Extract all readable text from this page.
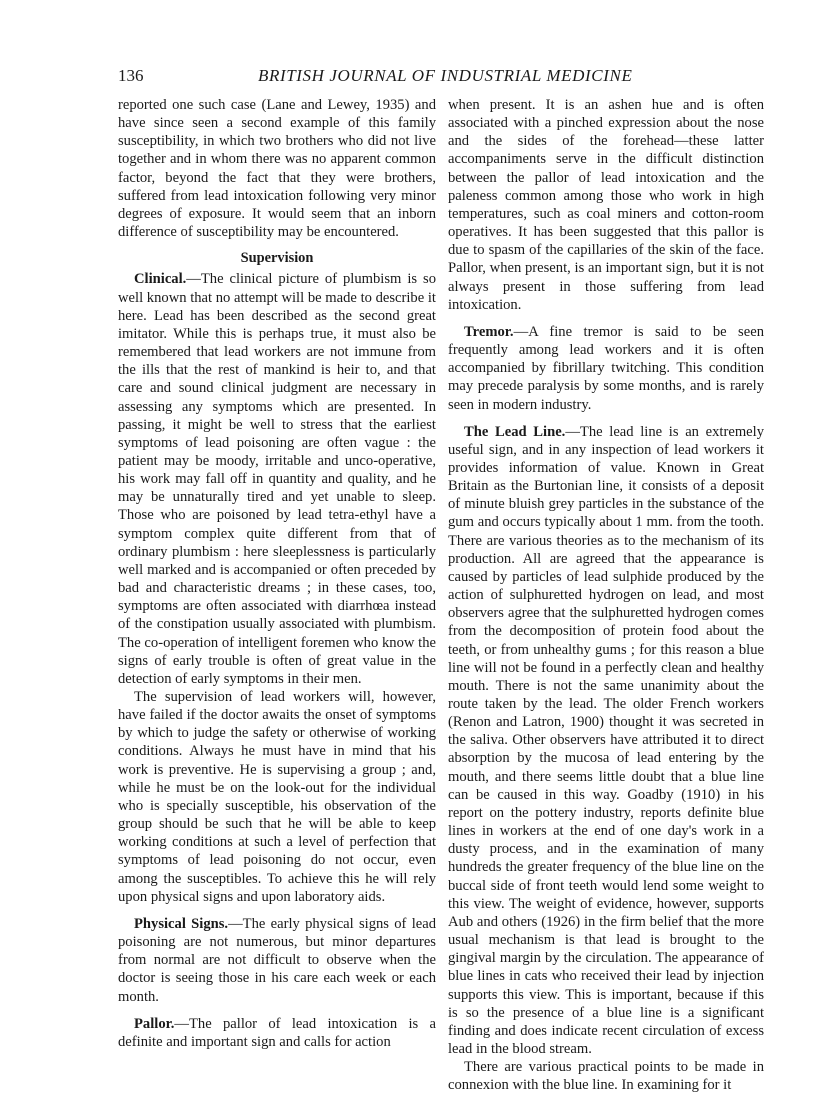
136	BRITISH JOURNAL OF INDUSTRIAL MEDICINE

reported one such case (Lane and Lewey, 1935) and have since seen a second example of this family susceptibility, in which two brothers who did not live together and in whom there was no apparent common factor, beyond the fact that they were brothers, suffered from lead intoxication following very minor degrees of exposure. It would seem that an inborn difference of susceptibility may be encountered.

Supervision

Clinical.—The clinical picture of plumbism is so well known that no attempt will be made to describe it here. Lead has been described as the second great imitator. While this is perhaps true, it must also be remembered that lead workers are not immune from the ills that the rest of mankind is heir to, and that care and sound clinical judgment are necessary in assessing any symptoms which are presented. In passing, it might be well to stress that the earliest symptoms of lead poisoning are often vague : the patient may be moody, irritable and unco-operative, his work may fall off in quantity and quality, and he may be unnaturally tired and yet unable to sleep. Those who are poisoned by lead tetra-ethyl have a symptom complex quite different from that of ordinary plumbism : here sleeplessness is particularly well marked and is accompanied or often preceded by bad and characteristic dreams ; in these cases, too, symptoms are often associated with diarrhœa instead of the constipation usually associated with plumbism. The co-operation of intelligent foremen who know the signs of early trouble is often of great value in the detection of early symptoms in their men.

The supervision of lead workers will, however, have failed if the doctor awaits the onset of symptoms by which to judge the safety or otherwise of working conditions. Always he must have in mind that his work is preventive. He is supervising a group ; and, while he must be on the look-out for the individual who is specially susceptible, his observation of the group should be such that he will be able to keep working conditions at such a level of perfection that symptoms of lead poisoning do not occur, even among the susceptibles. To achieve this he will rely upon physical signs and upon laboratory aids.

Physical Signs.—The early physical signs of lead poisoning are not numerous, but minor departures from normal are not difficult to observe when the doctor is seeing those in his care each week or each month.

Pallor.—The pallor of lead intoxication is a definite and important sign and calls for action

when present. It is an ashen hue and is often associated with a pinched expression about the nose and the sides of the forehead—these latter accompaniments serve in the difficult distinction between the pallor of lead intoxication and the paleness common among those who work in high temperatures, such as coal miners and cotton-room operatives. It has been suggested that this pallor is due to spasm of the capillaries of the skin of the face. Pallor, when present, is an important sign, but it is not always present in those suffering from lead intoxication.

Tremor.—A fine tremor is said to be seen frequently among lead workers and it is often accompanied by fibrillary twitching. This condition may precede paralysis by some months, and is rarely seen in modern industry.

The Lead Line.—The lead line is an extremely useful sign, and in any inspection of lead workers it provides information of value. Known in Great Britain as the Burtonian line, it consists of a deposit of minute bluish grey particles in the substance of the gum and occurs typically about 1 mm. from the tooth. There are various theories as to the mechanism of its production. All are agreed that the appearance is caused by particles of lead sulphide produced by the action of sulphuretted hydrogen on lead, and most observers agree that the sulphuretted hydrogen comes from the decomposition of protein food about the teeth, or from unhealthy gums ; for this reason a blue line will not be found in a perfectly clean and healthy mouth. There is not the same unanimity about the route taken by the lead. The older French workers (Renon and Latron, 1900) thought it was secreted in the saliva. Other observers have attributed it to direct absorption by the mucosa of lead entering by the mouth, and there seems little doubt that a blue line can be caused in this way. Goadby (1910) in his report on the pottery industry, reports definite blue lines in workers at the end of one day's work in a dusty process, and in the examination of many hundreds the greater frequency of the blue line on the buccal side of front teeth would lend some weight to this view. The weight of evidence, however, supports Aub and others (1926) in the firm belief that the more usual mechanism is that lead is brought to the gingival margin by the circulation. The appearance of blue lines in cats who received their lead by injection supports this view. This is important, because if this is so the presence of a blue line is a significant finding and does indicate recent circulation of excess lead in the blood stream.

There are various practical points to be made in connexion with the blue line. In examining for it
